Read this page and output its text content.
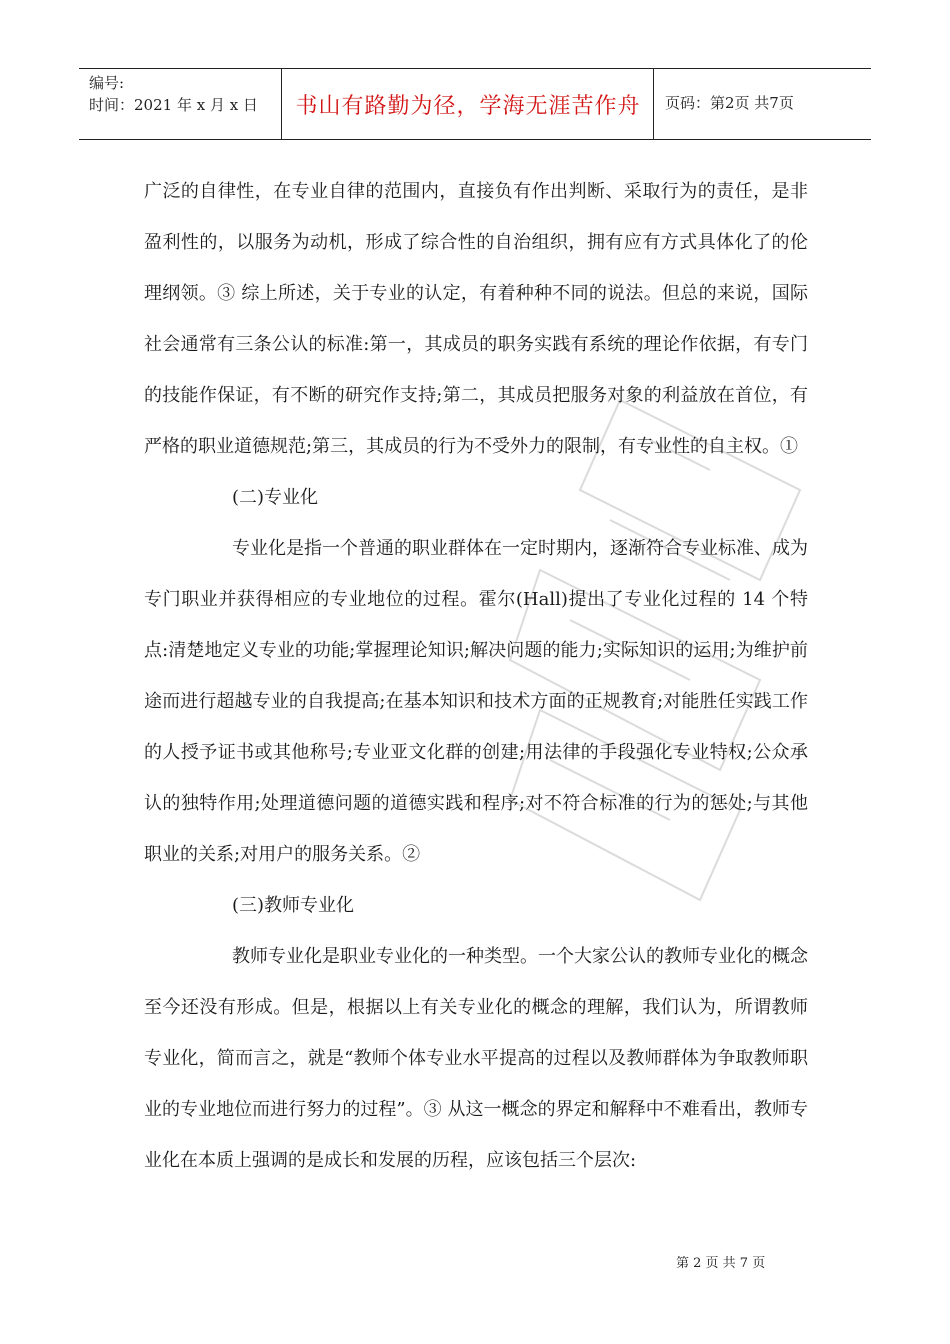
编号:
时间：2021 年 x 月 x 日	书山有路勤为径，学海无涯苦作舟	页码：第2页 共7页

广泛的自律性，在专业自律的范围内，直接负有作出判断、采取行为的责任，是非盈利性的，以服务为动机，形成了综合性的自治组织，拥有应有方式具体化了的伦理纲领。③ 综上所述，关于专业的认定，有着种种不同的说法。但总的来说，国际社会通常有三条公认的标准:第一，其成员的职务实践有系统的理论作依据，有专门的技能作保证，有不断的研究作支持;第二，其成员把服务对象的利益放在首位，有严格的职业道德规范;第三，其成员的行为不受外力的限制，有专业性的自主权。①

(二)专业化

专业化是指一个普通的职业群体在一定时期内，逐渐符合专业标准、成为专门职业并获得相应的专业地位的过程。霍尔(Hall)提出了专业化过程的 14 个特点:清楚地定义专业的功能;掌握理论知识;解决问题的能力;实际知识的运用;为维护前途而进行超越专业的自我提高;在基本知识和技术方面的正规教育;对能胜任实践工作的人授予证书或其他称号;专业亚文化群的创建;用法律的手段强化专业特权;公众承认的独特作用;处理道德问题的道德实践和程序;对不符合标准的行为的惩处;与其他职业的关系;对用户的服务关系。②

(三)教师专业化

教师专业化是职业专业化的一种类型。一个大家公认的教师专业化的概念至今还没有形成。但是，根据以上有关专业化的概念的理解，我们认为，所谓教师专业化，简而言之，就是“教师个体专业水平提高的过程以及教师群体为争取教师职业的专业地位而进行努力的过程”。③ 从这一概念的界定和解释中不难看出，教师专业化在本质上强调的是成长和发展的历程，应该包括三个层次:

第 2 页 共 7 页
